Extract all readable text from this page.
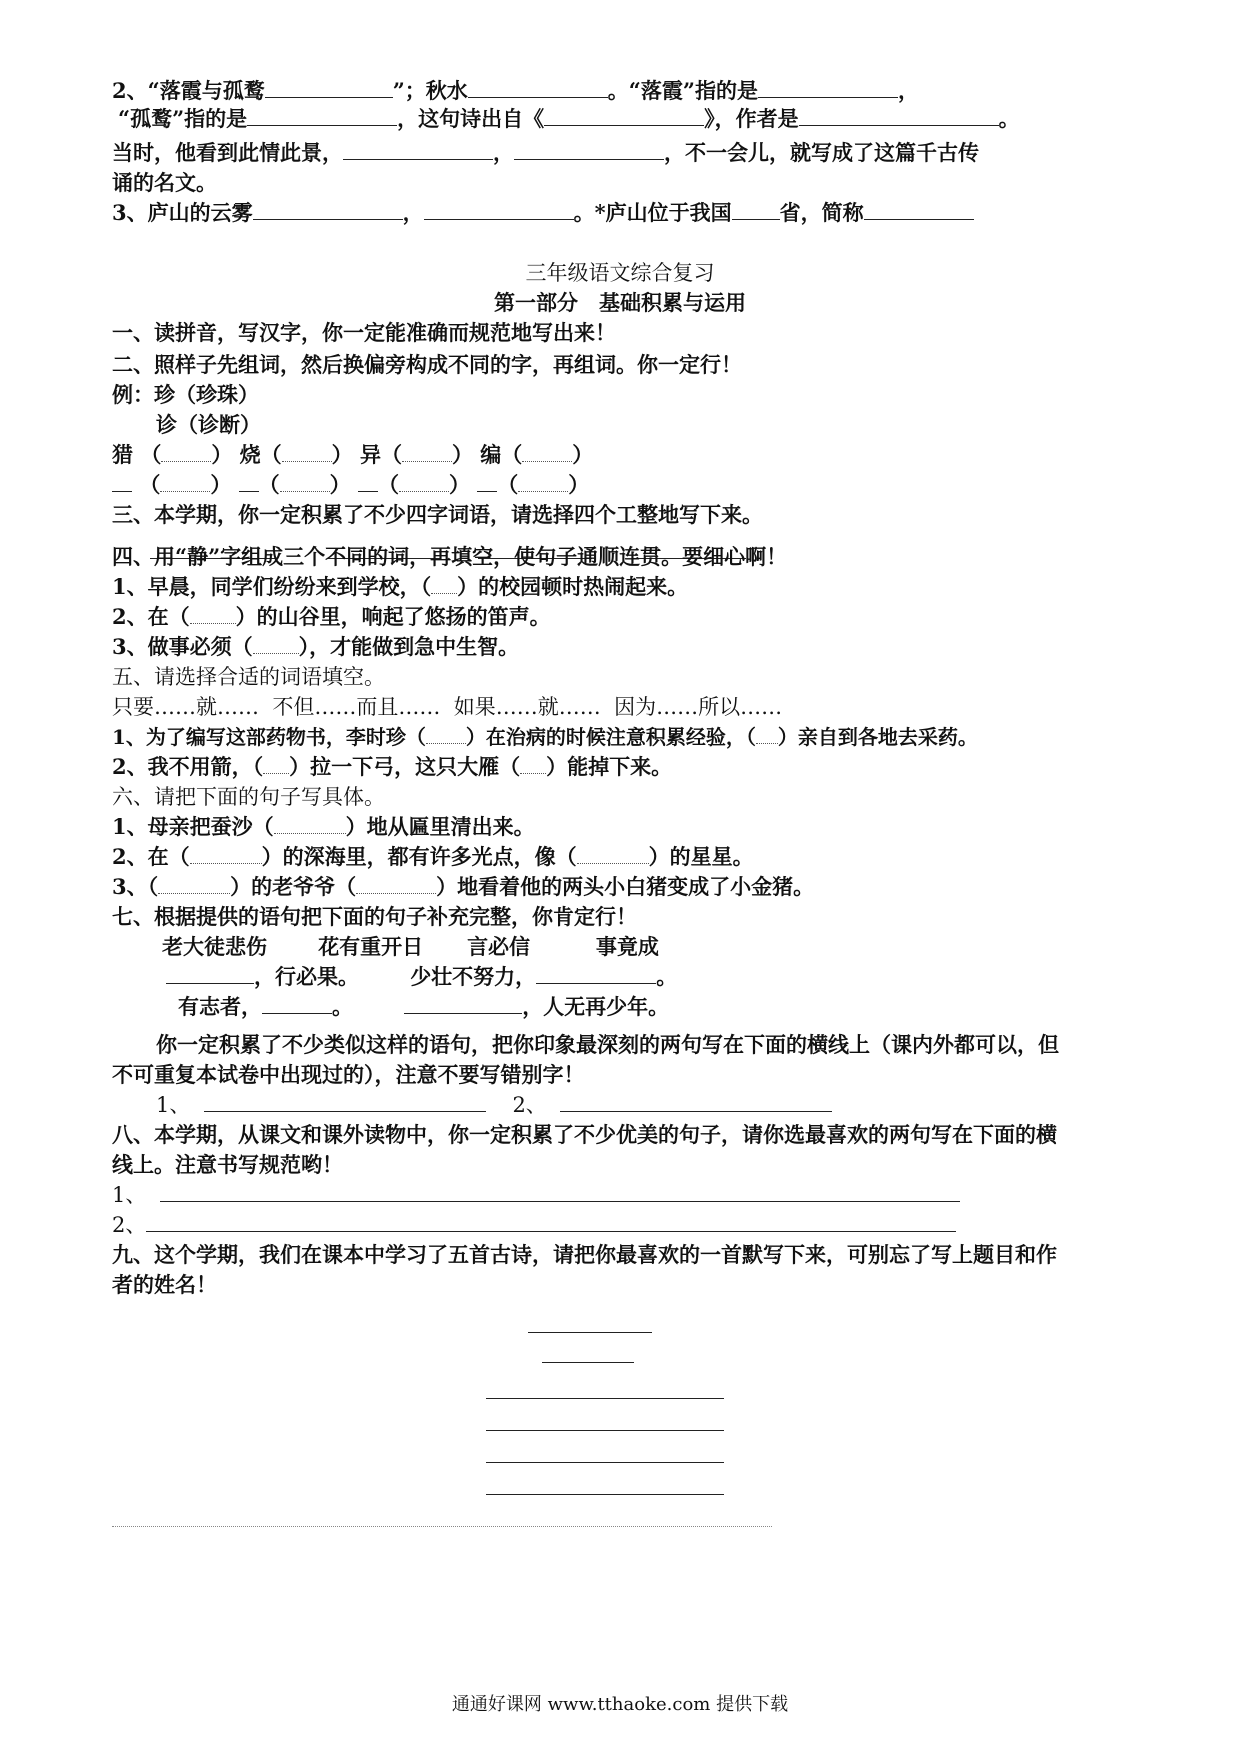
2、“落霞与孤鹜	”；秋水	。“落霞”指的是	，
“孤鹜”指的是	，这句诗出自《	》，作者是	。
当时，他看到此情此景，	，	，不一会儿，就写成了这篇千古传
诵的名文。
3、庐山的云雾	，	。*庐山位于我国 省，简称
三年级语文综合复习
第一部分　基础积累与运用
一、读拼音，写汉字，你一定能准确而规范地写出来！
二、照样子先组词，然后换偏旁构成不同的字，再组词。你一定行！
例：珍（珍珠）
诊（诊断）
猎 （ ） 烧（ ） 异（ ） 编（ ）
（ ） （ ） （ ） （ ）
三、本学期，你一定积累了不少四字词语，请选择四个工整地写下来。
四、用“静”字组成三个不同的词，再填空，使句子通顺连贯。要细心啊！
1、早晨，同学们纷纷来到学校，（ ）的校园顿时热闹起来。
2、在（ ）的山谷里，响起了悠扬的笛声。
3、做事必须（ ），才能做到急中生智。
五、请选择合适的词语填空。
只要……就…… 不但……而且…… 如果……就…… 因为……所以……
1、为了编写这部药物书，李时珍（ ）在治病的时候注意积累经验，（ ）亲自到各地去采药。
2、我不用箭，（ ）拉一下弓，这只大雁（ ）能掉下来。
六、请把下面的句子写具体。
1、母亲把蚕沙（	）地从匾里清出来。
2、在（	）的深海里，都有许多光点，像（	）的星星。
3、（	）的老爷爷（	）地看着他的两头小白猪变成了小金猪。
七、根据提供的语句把下面的句子补充完整，你肯定行！
老大徒悲伤 花有重开日 言必信	事竟成
，行必果。 少壮不努力，	。
有志者，	。	，人无再少年。
你一定积累了不少类似这样的语句，把你印象最深刻的两句写在下面的横线上（课内外都可以，但
不可重复本试卷中出现过的），注意不要写错别字！
1、	2、
八、本学期，从课文和课外读物中，你一定积累了不少优美的句子，请你选最喜欢的两句写在下面的横
线上。注意书写规范哟！
1、
2、
九、这个学期，我们在课本中学习了五首古诗，请把你最喜欢的一首默写下来，可别忘了写上题目和作
者的姓名！
通通好课网 www.tthaoke.com 提供下载
